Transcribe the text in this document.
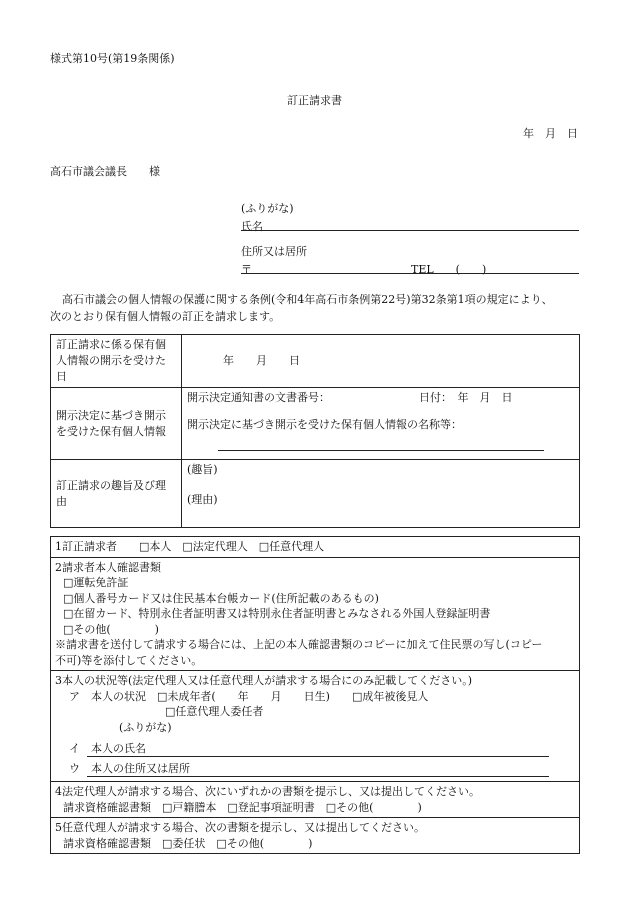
様式第10号(第19条関係)
訂正請求書
年　月　日
高石市議会議長　　様
(ふりがな)
氏名
住所又は居所
〒	TEL　　(　　)
高石市議会の個人情報の保護に関する条例(令和4年高石市条例第22号)第32条第1項の規定により、
次のとおり保有個人情報の訂正を請求します。
訂正請求に係る保有個人情報の開示を受けた日	年　　月　　日
開示決定に基づき開示を受けた保有個人情報	開示決定通知書の文書番号： 日付：　年　月　日
開示決定に基づき開示を受けた保有個人情報の名称等：

訂正請求の趣旨及び理由	(趣旨)
(理由)
1訂正請求者　　□本人　□法定代理人　□任意代理人

2請求者本人確認書類
□運転免許証
□個人番号カード又は住民基本台帳カード(住所記載のあるもの)
□在留カード、特別永住者証明書又は特別永住者証明書とみなされる外国人登録証明書
□その他(　　　　)
※請求書を送付して請求する場合には、上記の本人確認書類のコピーに加えて住民票の写し(コピー
不可)等を添付してください。

3本人の状況等(法定代理人又は任意代理人が請求する場合にのみ記載してください。)
ア　本人の状況　□未成年者(　　年　　月　　日生)　　□成年被後見人
□任意代理人委任者
(ふりがな)
イ　本人の氏名
ウ　本人の住所又は居所

4法定代理人が請求する場合、次にいずれかの書類を提示し、又は提出してください。
請求資格確認書類　□戸籍謄本　□登記事項証明書　□その他(　　　　)

5任意代理人が請求する場合、次の書類を提示し、又は提出してください。
請求資格確認書類　□委任状　□その他(　　　　)
